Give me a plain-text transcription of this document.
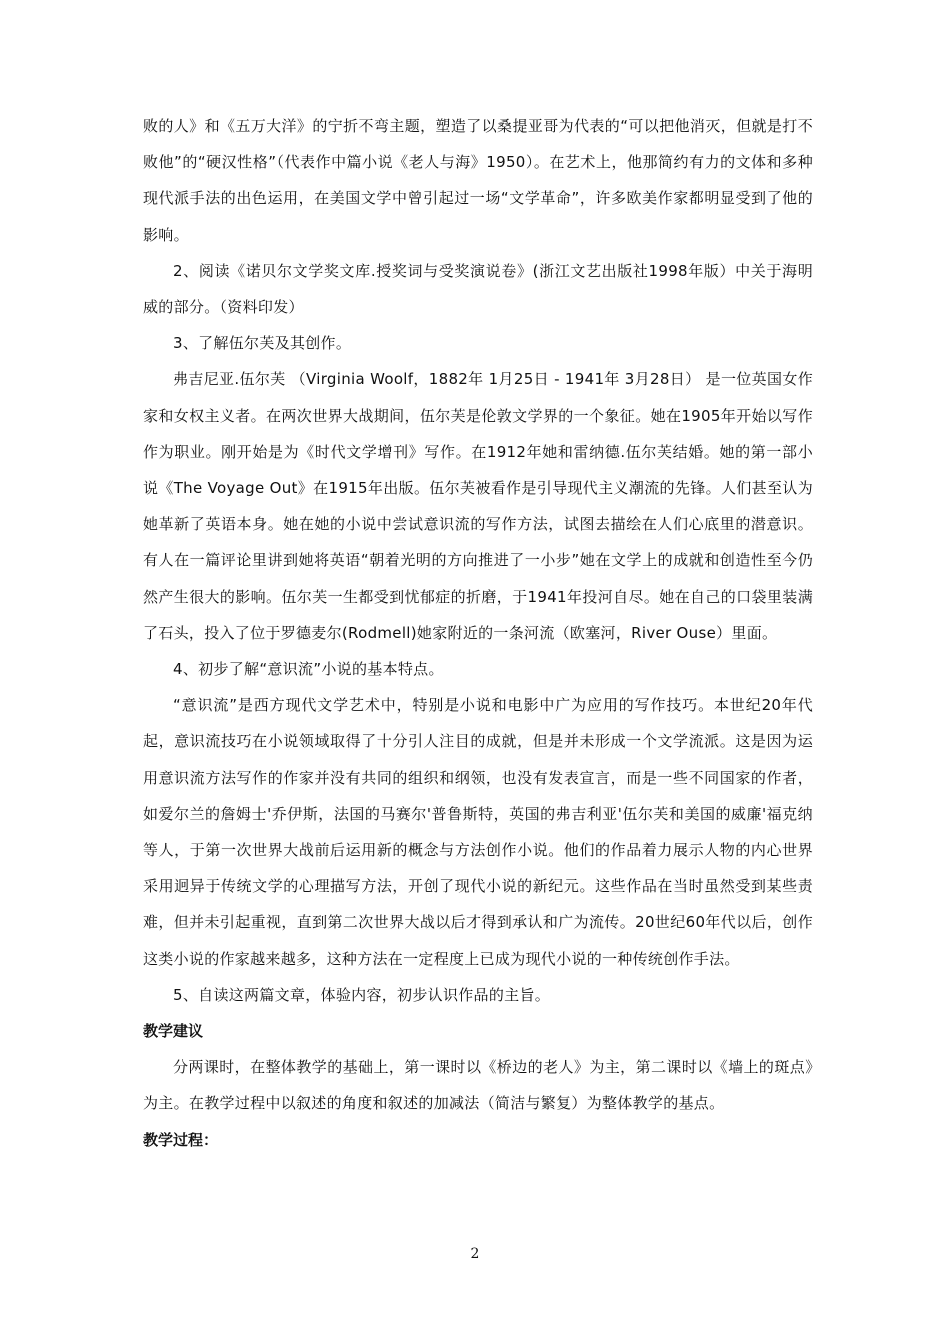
败的人》和《五万大洋》的宁折不弯主题，塑造了以桑提亚哥为代表的“可以把他消灭，但就是打不败他”的“硬汉性格”（代表作中篇小说《老人与海》1950）。在艺术上，他那简约有力的文体和多种现代派手法的出色运用，在美国文学中曾引起过一场“文学革命”，许多欧美作家都明显受到了他的影响。

2、阅读《诺贝尔文学奖文库.授奖词与受奖演说卷》(浙江文艺出版社1998年版）中关于海明威的部分。（资料印发）

3、了解伍尔芙及其创作。

弗吉尼亚.伍尔芙 （Virginia Woolf，1882年 1月25日 - 1941年 3月28日） 是一位英国女作家和女权主义者。在两次世界大战期间，伍尔芙是伦敦文学界的一个象征。她在1905年开始以写作作为职业。刚开始是为《时代文学增刊》写作。在1912年她和雷纳德.伍尔芙结婚。她的第一部小说《The Voyage Out》在1915年出版。伍尔芙被看作是引导现代主义潮流的先锋。人们甚至认为她革新了英语本身。她在她的小说中尝试意识流的写作方法，试图去描绘在人们心底里的潜意识。有人在一篇评论里讲到她将英语“朝着光明的方向推进了一小步”她在文学上的成就和创造性至今仍然产生很大的影响。伍尔芙一生都受到忧郁症的折磨，于1941年投河自尽。她在自己的口袋里装满了石头，投入了位于罗德麦尔(Rodmell)她家附近的一条河流（欧塞河，River Ouse）里面。

4、初步了解“意识流”小说的基本特点。

“意识流”是西方现代文学艺术中，特别是小说和电影中广为应用的写作技巧。本世纪20年代起，意识流技巧在小说领域取得了十分引人注目的成就，但是并未形成一个文学流派。这是因为运用意识流方法写作的作家并没有共同的组织和纲领，也没有发表宣言，而是一些不同国家的作者，如爱尔兰的詹姆士'乔伊斯，法国的马赛尔'普鲁斯特，英国的弗吉利亚'伍尔芙和美国的威廉'福克纳等人，于第一次世界大战前后运用新的概念与方法创作小说。他们的作品着力展示人物的内心世界采用迥异于传统文学的心理描写方法，开创了现代小说的新纪元。这些作品在当时虽然受到某些责难，但并未引起重视，直到第二次世界大战以后才得到承认和广为流传。20世纪60年代以后，创作这类小说的作家越来越多，这种方法在一定程度上已成为现代小说的一种传统创作手法。

5、自读这两篇文章，体验内容，初步认识作品的主旨。

教学建议

分两课时，在整体教学的基础上，第一课时以《桥边的老人》为主，第二课时以《墙上的斑点》为主。在教学过程中以叙述的角度和叙述的加减法（简洁与繁复）为整体教学的基点。

教学过程：

2
